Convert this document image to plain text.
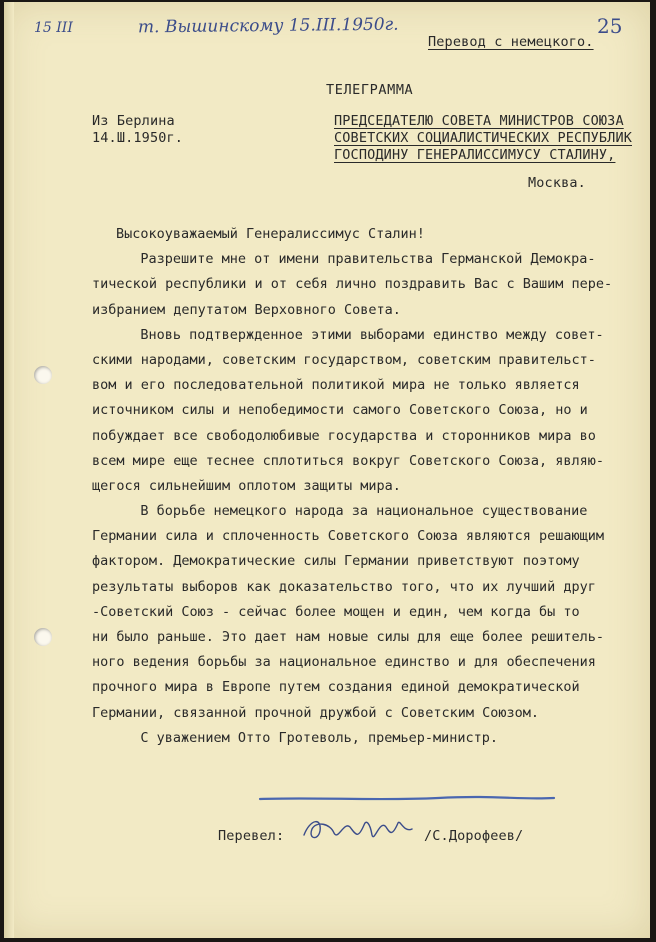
15 III	т. Вышинскому 15.III.1950г.	25
Перевод с немецкого.
ТЕЛЕГРАММА
Из Берлина
14.Ш.1950г.
ПРЕДСЕДАТЕЛЮ СОВЕТА МИНИСТРОВ СОЮЗА
СОВЕТСКИХ СОЦИАЛИСТИЧЕСКИХ РЕСПУБЛИК
ГОСПОДИНУ ГЕНЕРАЛИССИМУСУ СТАЛИНУ,
Москва.
Высокоуважаемый Генералиссимус Сталин!
Разрешите мне от имени правительства Германской Демокра-
тической республики и от себя лично поздравить Вас с Вашим пере-
избранием депутатом Верховного Совета.
Вновь подтвержденное этими выборами единство между совет-
скими народами, советским государством, советским правительст-
вом и его последовательной политикой мира не только является
источником силы и непобедимости самого Советского Союза, но и
побуждает все свободолюбивые государства и сторонников мира во
всем мире еще теснее сплотиться вокруг Советского Союза, являю-
щегося сильнейшим оплотом защиты мира.
В борьбе немецкого народа за национальное существование
Германии сила и сплоченность Советского Союза являются решающим
фактором. Демократические силы Германии приветствуют поэтому
результаты выборов как доказательство того, что их лучший друг
-Советский Союз - сейчас более мощен и един, чем когда бы то
ни было раньше. Это дает нам новые силы для еще более решитель-
ного ведения борьбы за национальное единство и для обеспечения
прочного мира в Европе путем создания единой демократической
Германии, связанной прочной дружбой с Советским Союзом.
С уважением Отто Гротеволь, премьер-министр.
Перевел:	/С.Дорофеев/
